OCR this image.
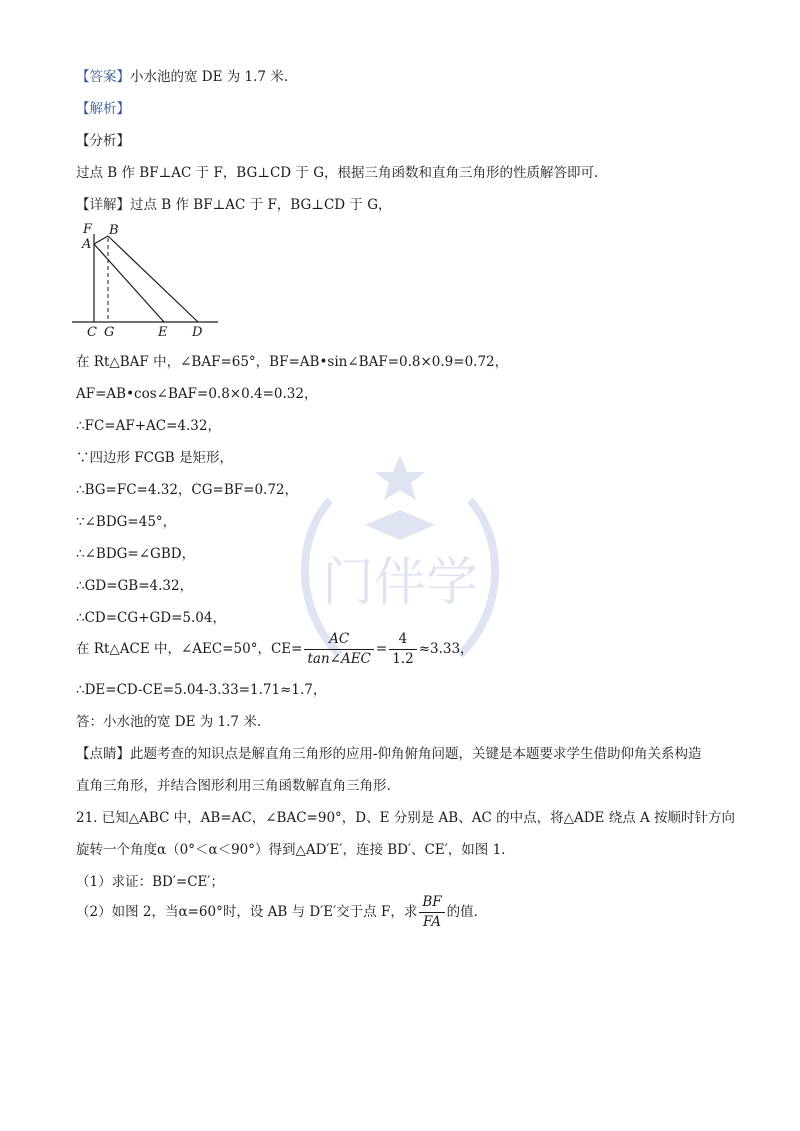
门伴学
【答案】小水池的宽 DE 为 1.7 米.
【解析】
【分析】
过点 B 作 BF⊥AC 于 F，BG⊥CD 于 G，根据三角函数和直角三角形的性质解答即可.
【详解】过点 B 作 BF⊥AC 于 F，BG⊥CD 于 G，
F
A
B
C G	E D
在 Rt△BAF 中，∠BAF=65°，BF=AB•sin∠BAF=0.8×0.9=0.72，
AF=AB•cos∠BAF=0.8×0.4=0.32，
∴FC=AF+AC=4.32，
∵四边形 FCGB 是矩形，
∴BG=FC=4.32，CG=BF=0.72，
∵∠BDG=45°，
∴∠BDG=∠GBD，
∴GD=GB=4.32，
∴CD=CG+GD=5.04，
在 Rt△ACE 中，∠AEC=50°，$CE= \frac{AC}{\text{tan∠AEC}} = \frac{4}{1.2} \approx 3.33$，
∴DE=CD-CE=5.04-3.33=1.71≈1.7，
答：小水池的宽 DE 为 1.7 米.
【点睛】此题考查的知识点是解直角三角形的应用-仰角俯角问题，关键是本题要求学生借助仰角关系构造
直角三角形，并结合图形利用三角函数解直角三角形.
21. 已知△ABC 中，AB=AC，∠BAC=90°，D、E 分别是 AB、AC 的中点，将△ADE 绕点 A 按顺时针方向
旋转一个角度α（0°＜α＜90°）得到△AD′E′，连接 BD′、CE′，如图 1.
（1）求证：BD′=CE′；
（2）如图 2，当α=60°时，设 AB 与 D′E′交于点 F，求 $\frac{BF}{FA}$ 的值.
